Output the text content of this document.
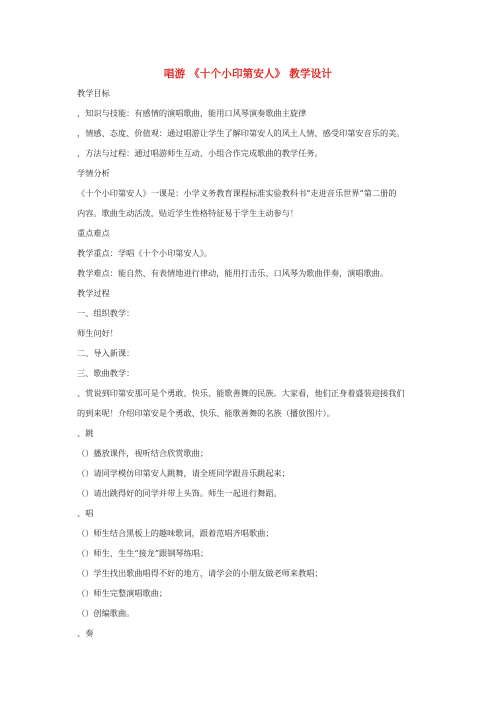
唱游 《十个小印第安人》 教学设计
教学目标
，知识与技能：有感情的演唱歌曲，能用口风琴演奏歌曲主旋律
，情感、态度、价值观：通过唱游让学生了解印第安人的风土人情，感受印第安音乐的美。
，方法与过程：通过唱游师生互动、小组合作完成歌曲的教学任务。
学情分析
《十个小印第安人》一课是：小学义务教育课程标准实验教科书“走进音乐世界”第二册的
内容。歌曲生动活泼，贴近学生性格特征易于学生主动参与！
重点难点
教学重点：学唱《十个小印第安人》。
教学难点：能自然、有表情地进行律动，能用打击乐、口风琴为歌曲伴奏，演唱歌曲。
教学过程
一、组织教学：
师生问好！
二、导入新课：
三、歌曲教学：
、赏说到印第安那可是个勇敢、快乐、能歌善舞的民族。大家看，他们正身着盛装迎接我们
的到来呢！介绍印第安是个勇敢、快乐、能歌善舞的名族（播放图片）。
、跳
（）播放课件，视听结合欣赏歌曲；
（）请同学模仿印第安人跳舞，请全班同学跟音乐跳起来；
（）请出跳得好的同学并带上头饰。师生一起进行舞蹈。
、唱
（）师生结合黑板上的趣味歌词，跟着范唱齐唱歌曲；
（）师生、生生“接龙”跟钢琴练唱；
（）学生找出歌曲唱得不好的地方，请学会的小朋友做老师来教唱；
（）师生完整演唱歌曲；
（）创编歌曲。
、奏
